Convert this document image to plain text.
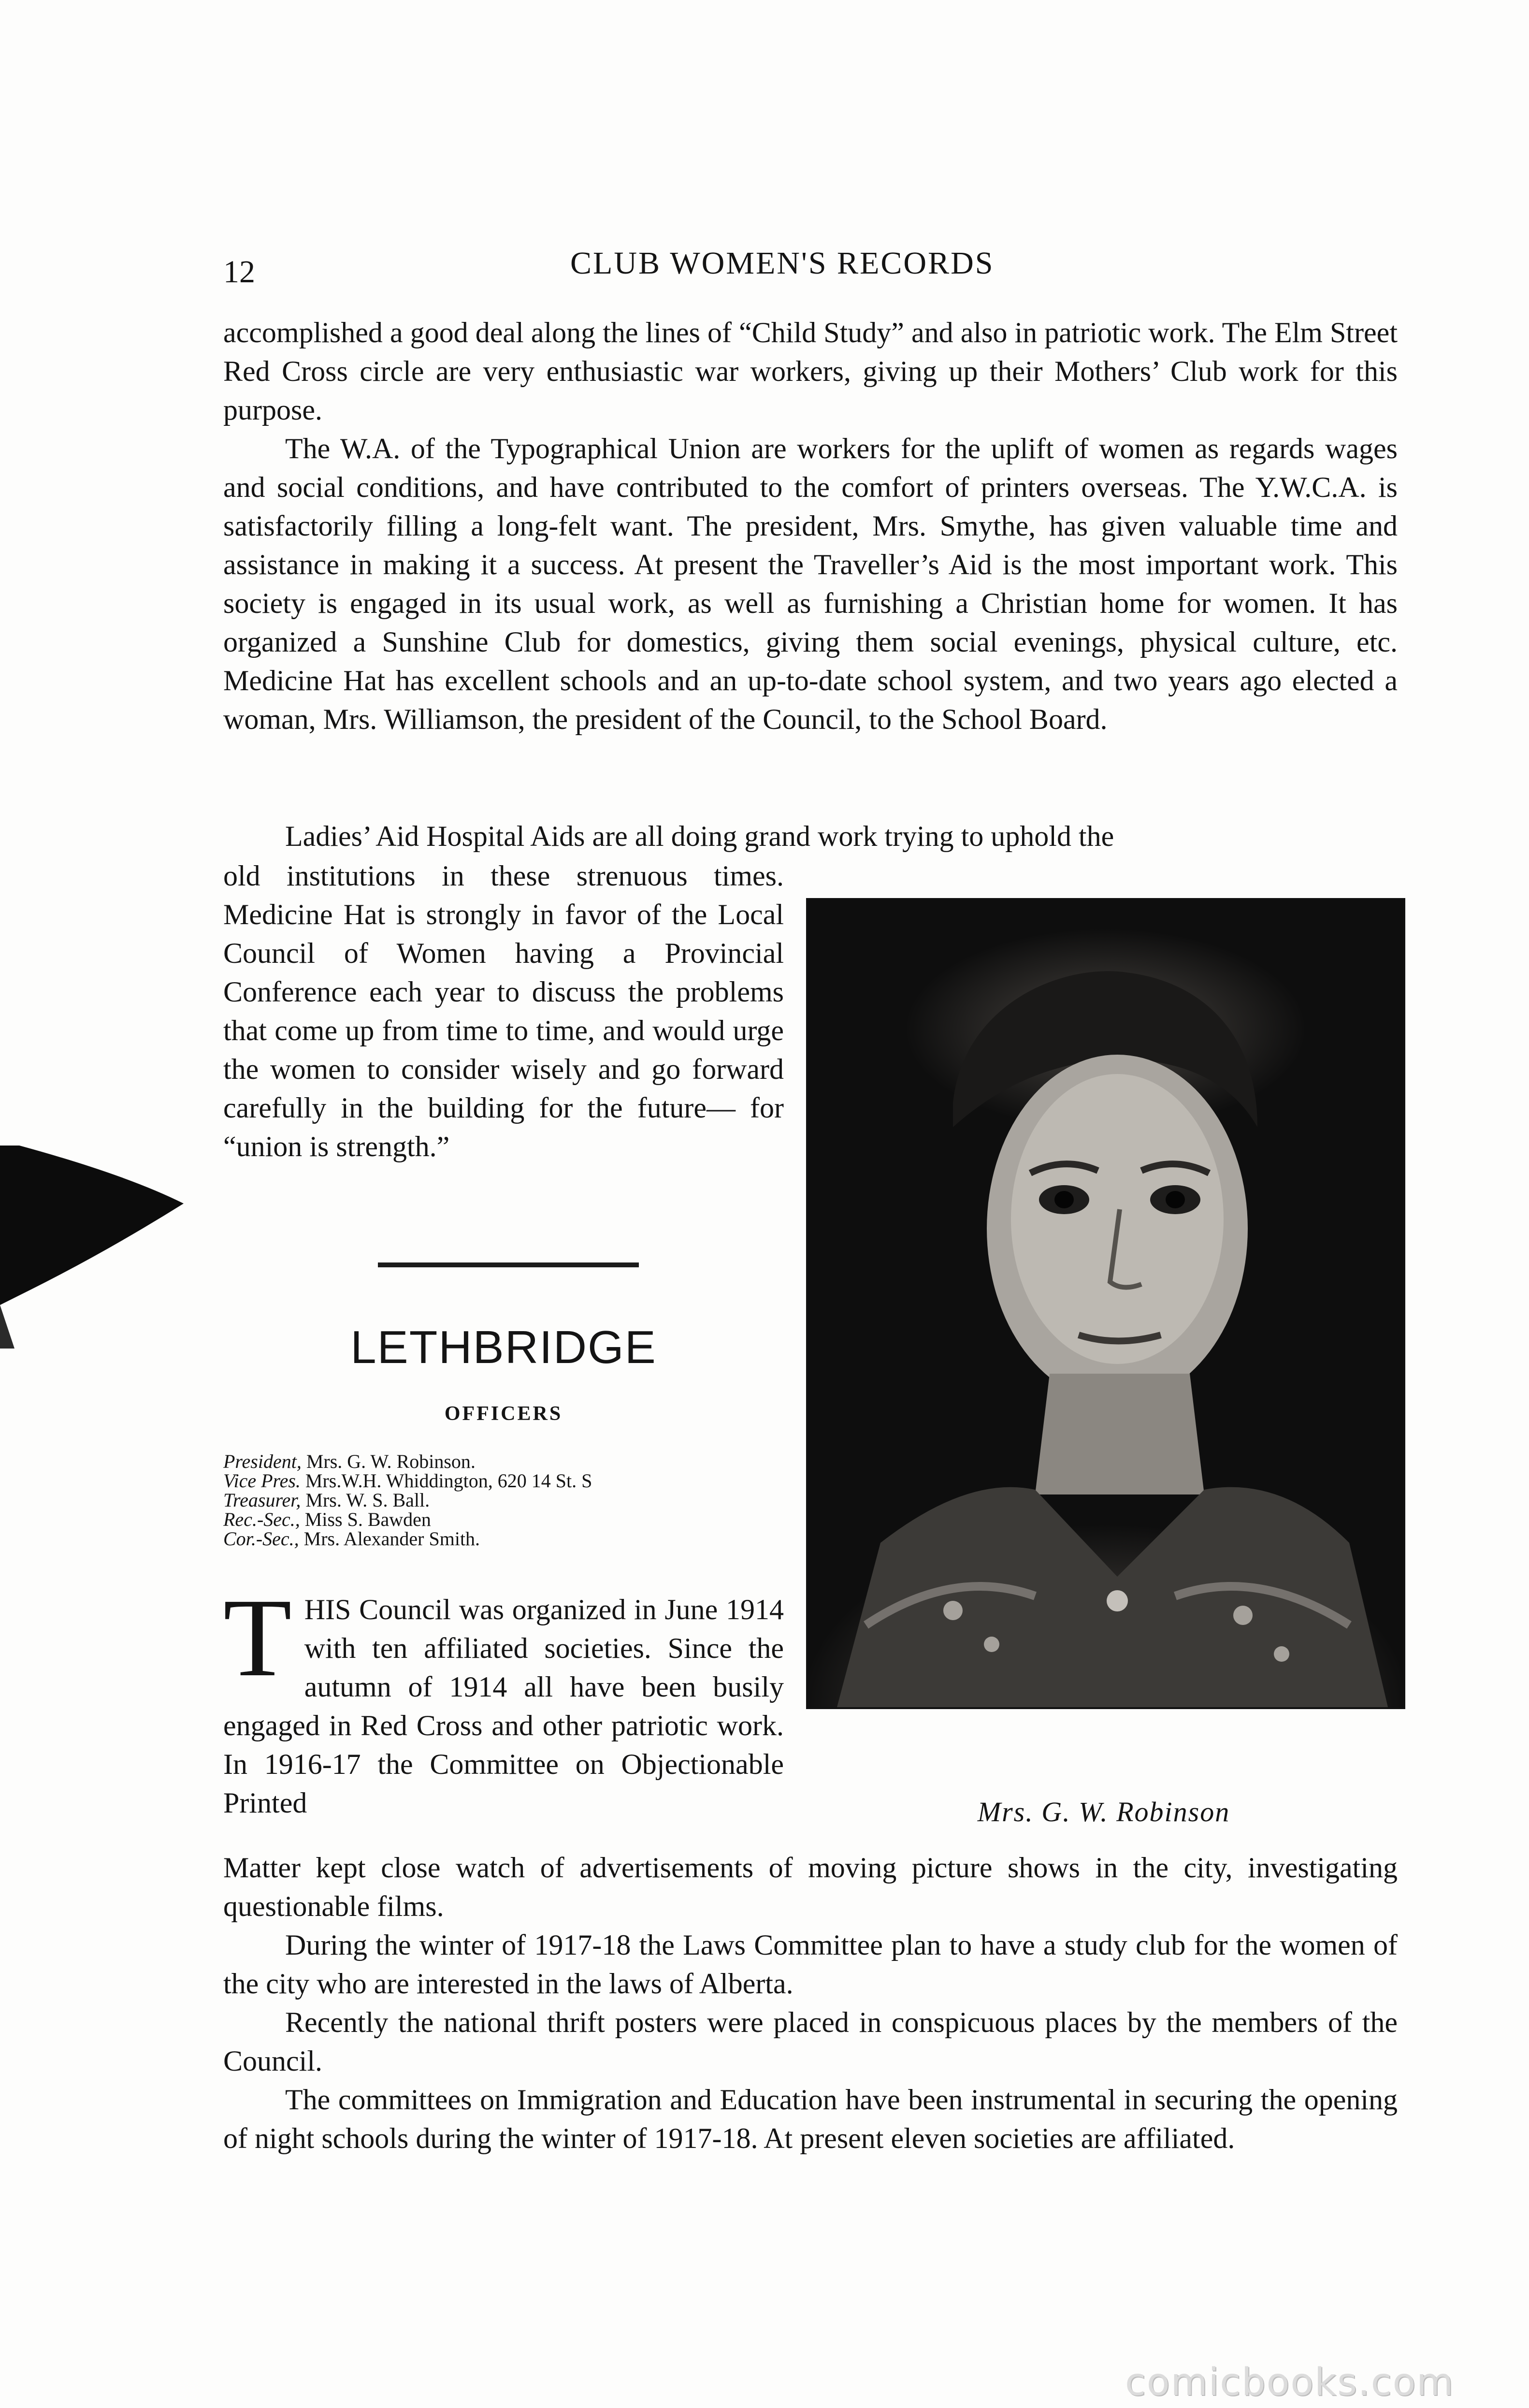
12	CLUB WOMEN'S RECORDS

accomplished a good deal along the lines of “Child Study” and also in patriotic work. The Elm Street Red Cross circle are very enthusiastic war workers, giving up their Mothers’ Club work for this purpose.

The W.A. of the Typographical Union are workers for the uplift of women as regards wages and social conditions, and have contributed to the comfort of printers overseas. The Y.W.C.A. is satisfactorily filling a long-felt want. The president, Mrs. Smythe, has given valuable time and assistance in making it a success. At present the Traveller’s Aid is the most important work. This society is engaged in its usual work, as well as furnishing a Christian home for women. It has organized a Sunshine Club for domestics, giving them social evenings, physical culture, etc. Medicine Hat has excellent schools and an up-to-date school system, and two years ago elected a woman, Mrs. Williamson, the president of the Council, to the School Board.

Ladies’ Aid Hospital Aids are all doing grand work trying to uphold the

old institutions in these strenuous times. Medicine Hat is strongly in favor of the Local Council of Women having a Provincial Conference each year to discuss the problems that come up from time to time, and would urge the women to consider wisely and go forward carefully in the building for the future— for “union is strength.”

LETHBRIDGE
OFFICERS
President, Mrs. G. W. Robinson.
Vice Pres. Mrs.W.H. Whiddington, 620 14 St. S
Treasurer, Mrs. W. S. Ball.
Rec.-Sec., Miss S. Bawden
Cor.-Sec., Mrs. Alexander Smith.

T HIS Council was organized in June 1914 with ten affiliated societies. Since the autumn of 1914 all have been busily engaged in Red Cross and other patriotic work. In 1916-17 the Committee on Objectionable Printed

Matter kept close watch of advertisements of moving picture shows in the city, investigating questionable films.

During the winter of 1917-18 the Laws Committee plan to have a study club for the women of the city who are interested in the laws of Alberta.

Recently the national thrift posters were placed in conspicuous places by the members of the Council.

The committees on Immigration and Education have been instrumental in securing the opening of night schools during the winter of 1917-18. At present eleven societies are affiliated.

Mrs. G. W. Robinson
comicbooks.com
